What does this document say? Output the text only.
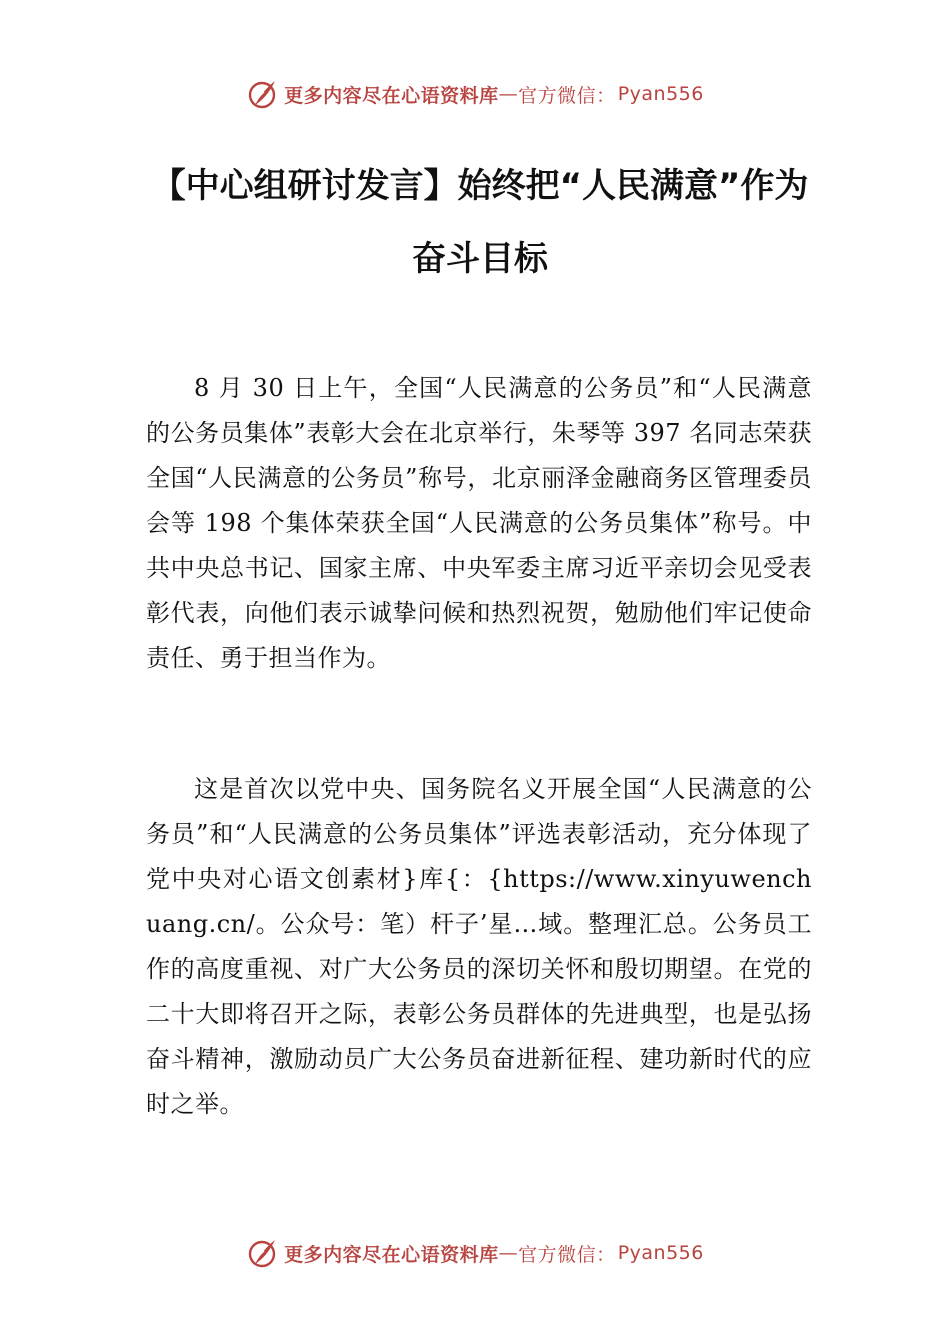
更多内容尽在心语资料库 — 官方微信： Pyan556
【中心组研讨发言】始终把“人民满意”作为奋斗目标

8 月 30 日上午，全国“人民满意的公务员”和“人民满意的公务员集体”表彰大会在北京举行，朱琴等 397 名同志荣获全国“人民满意的公务员”称号，北京丽泽金融商务区管理委员会等 198 个集体荣获全国“人民满意的公务员集体”称号。中共中央总书记、国家主席、中央军委主席习近平亲切会见受表彰代表，向他们表示诚挚问候和热烈祝贺，勉励他们牢记使命责任、勇于担当作为。

这是首次以党中央、国务院名义开展全国“人民满意的公务员”和“人民满意的公务员集体”评选表彰活动，充分体现了党中央对心语文创素材}库{：{https://www.xinyuwenchuang.cn/。公众号：笔）杆子’星…域。整理汇总。公务员工作的高度重视、对广大公务员的深切关怀和殷切期望。在党的二十大即将召开之际，表彰公务员群体的先进典型，也是弘扬奋斗精神，激励动员广大公务员奋进新征程、建功新时代的应时之举。

更多内容尽在心语资料库 — 官方微信： Pyan556
